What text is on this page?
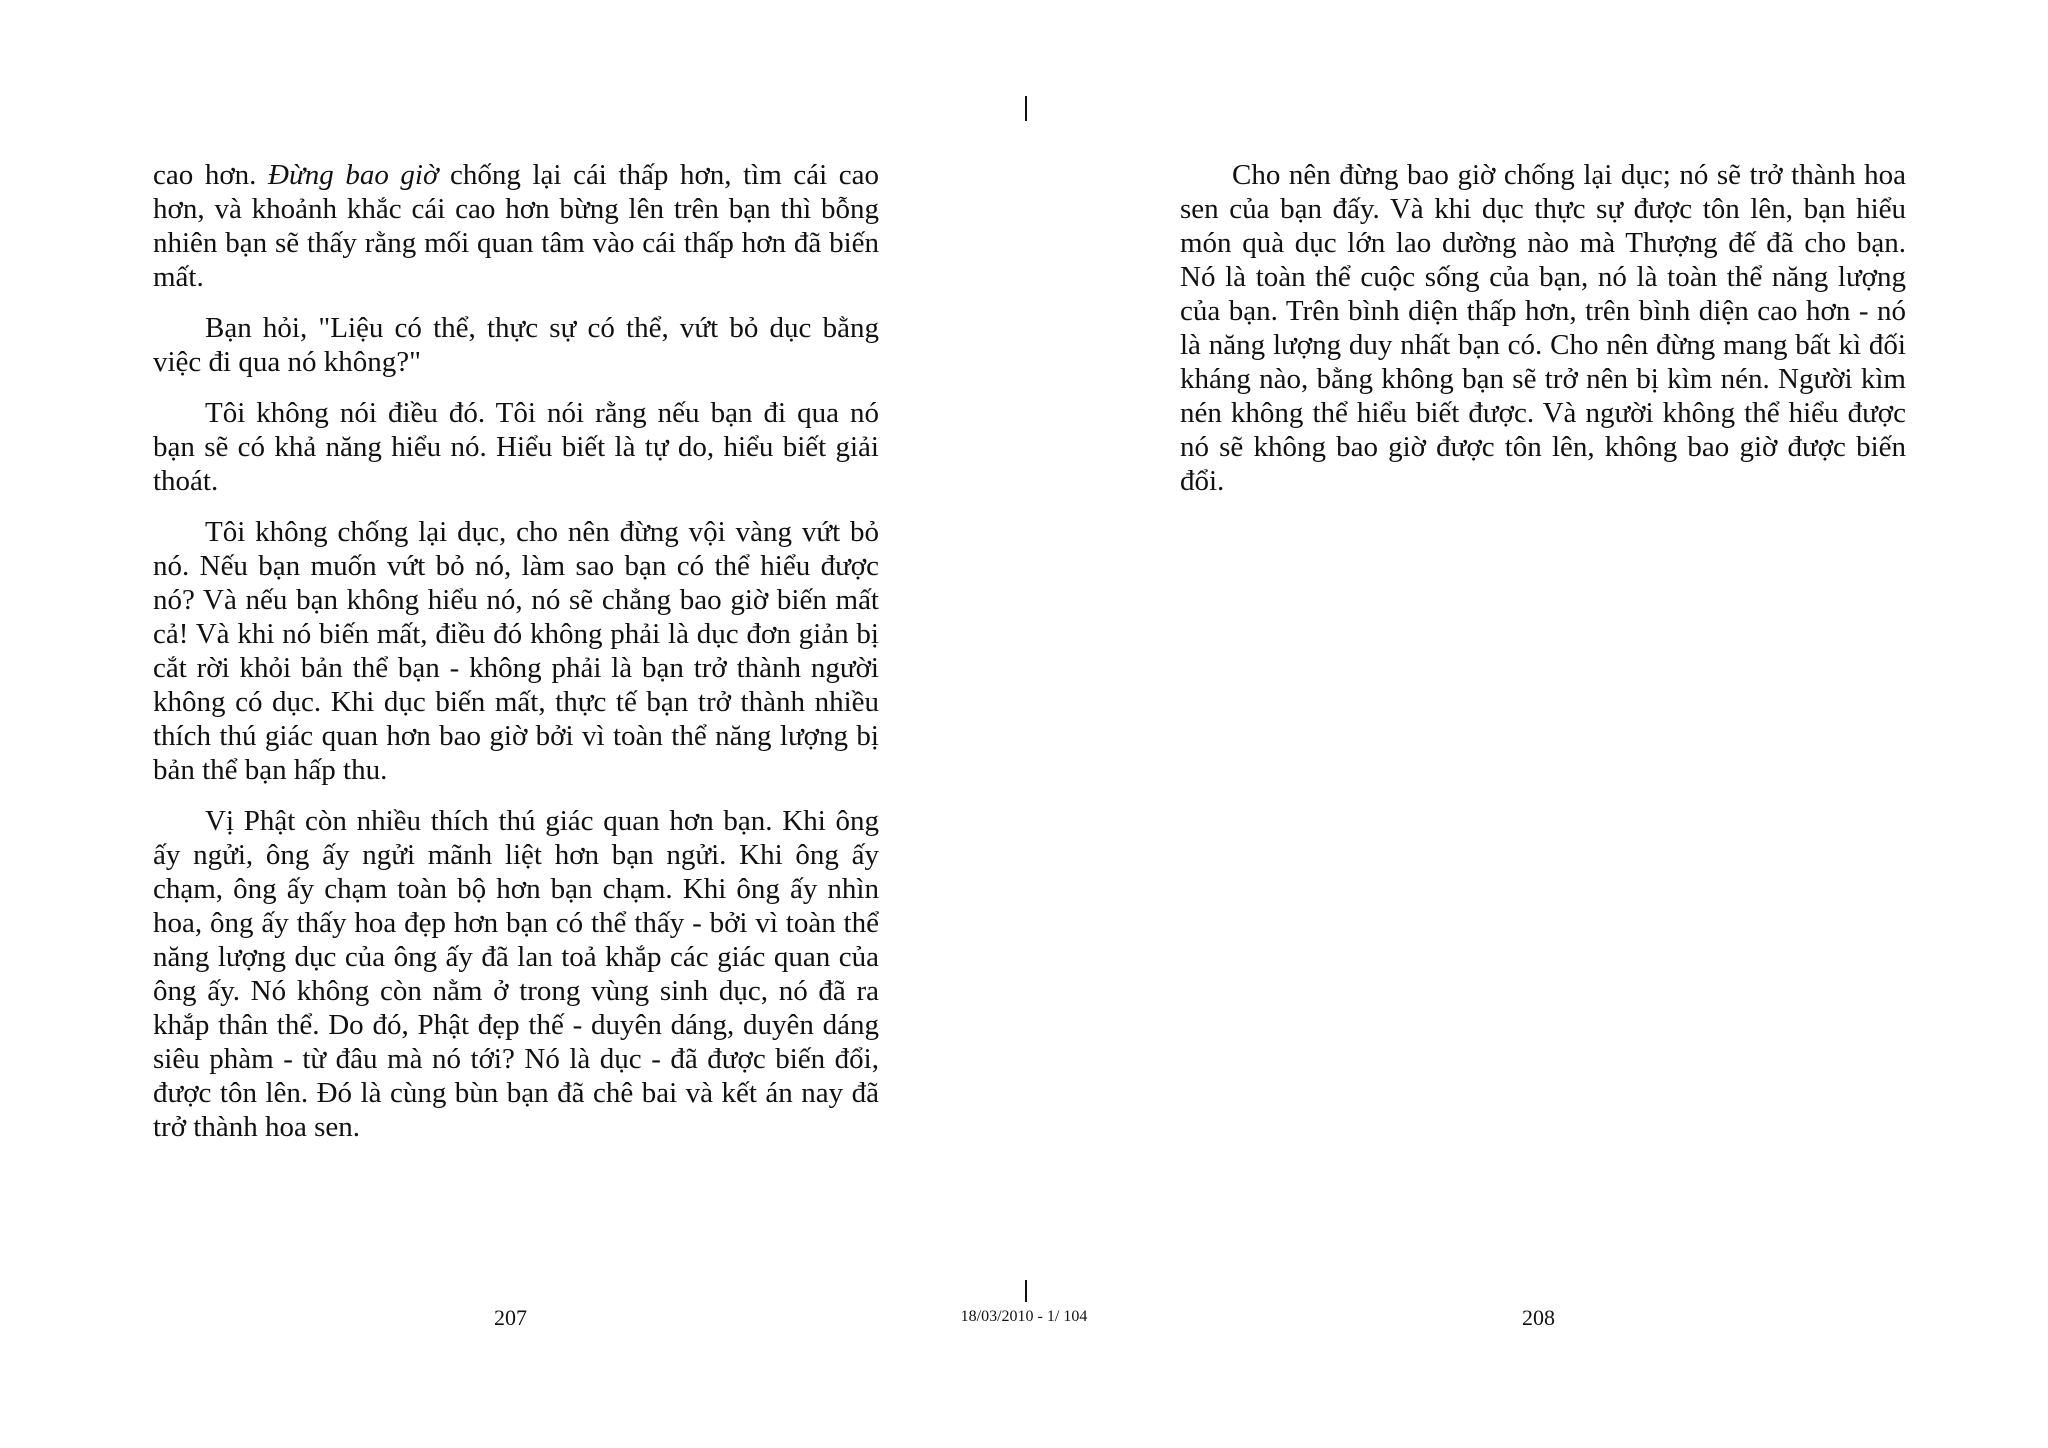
cao hơn. Đừng bao giờ chống lại cái thấp hơn, tìm cái cao hơn, và khoảnh khắc cái cao hơn bừng lên trên bạn thì bỗng nhiên bạn sẽ thấy rằng mối quan tâm vào cái thấp hơn đã biến mất.

Bạn hỏi, "Liệu có thể, thực sự có thể, vứt bỏ dục bằng việc đi qua nó không?"

Tôi không nói điều đó. Tôi nói rằng nếu bạn đi qua nó bạn sẽ có khả năng hiểu nó. Hiểu biết là tự do, hiểu biết giải thoát.

Tôi không chống lại dục, cho nên đừng vội vàng vứt bỏ nó. Nếu bạn muốn vứt bỏ nó, làm sao bạn có thể hiểu được nó? Và nếu bạn không hiểu nó, nó sẽ chẳng bao giờ biến mất cả! Và khi nó biến mất, điều đó không phải là dục đơn giản bị cắt rời khỏi bản thể bạn - không phải là bạn trở thành người không có dục. Khi dục biến mất, thực tế bạn trở thành nhiều thích thú giác quan hơn bao giờ bởi vì toàn thể năng lượng bị bản thể bạn hấp thu.

Vị Phật còn nhiều thích thú giác quan hơn bạn. Khi ông ấy ngửi, ông ấy ngửi mãnh liệt hơn bạn ngửi. Khi ông ấy chạm, ông ấy chạm toàn bộ hơn bạn chạm. Khi ông ấy nhìn hoa, ông ấy thấy hoa đẹp hơn bạn có thể thấy - bởi vì toàn thể năng lượng dục của ông ấy đã lan toả khắp các giác quan của ông ấy. Nó không còn nằm ở trong vùng sinh dục, nó đã ra khắp thân thể. Do đó, Phật đẹp thế - duyên dáng, duyên dáng siêu phàm - từ đâu mà nó tới? Nó là dục - đã được biến đổi, được tôn lên. Đó là cùng bùn bạn đã chê bai và kết án nay đã trở thành hoa sen.

Cho nên đừng bao giờ chống lại dục; nó sẽ trở thành hoa sen của bạn đấy. Và khi dục thực sự được tôn lên, bạn hiểu món quà dục lớn lao dường nào mà Thượng đế đã cho bạn. Nó là toàn thể cuộc sống của bạn, nó là toàn thể năng lượng của bạn. Trên bình diện thấp hơn, trên bình diện cao hơn - nó là năng lượng duy nhất bạn có. Cho nên đừng mang bất kì đối kháng nào, bằng không bạn sẽ trở nên bị kìm nén. Người kìm nén không thể hiểu biết được. Và người không thể hiểu được nó sẽ không bao giờ được tôn lên, không bao giờ được biến đổi.

207	18/03/2010 - 1/ 104	208
